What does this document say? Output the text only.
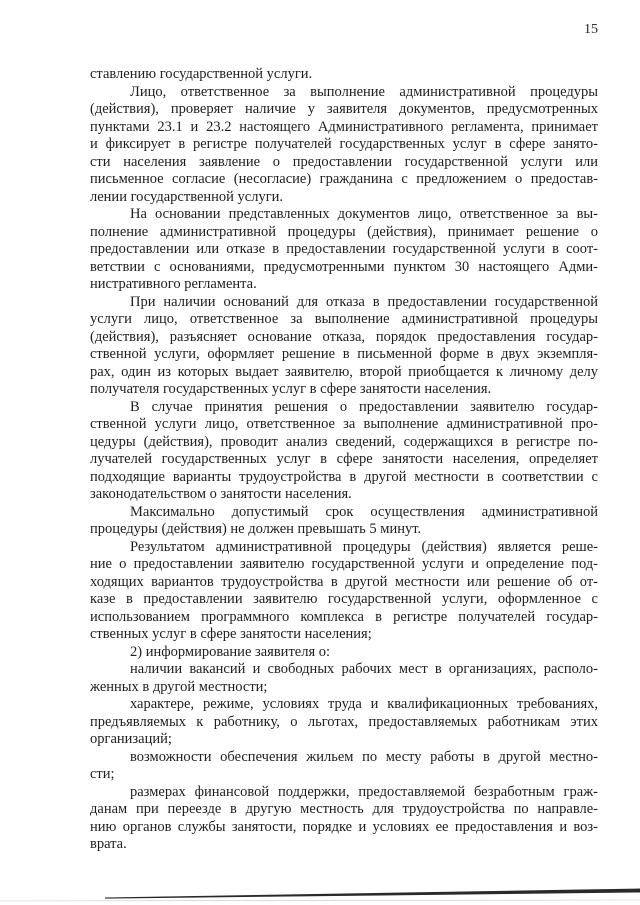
15
ставлению государственной услуги.
Лицо, ответственное за выполнение административной процедуры
(действия), проверяет наличие у заявителя документов, предусмотренных
пунктами 23.1 и 23.2 настоящего Административного регламента, принимает
и фиксирует в регистре получателей государственных услуг в сфере занято-
сти населения заявление о предоставлении государственной услуги или
письменное согласие (несогласие) гражданина с предложением о предостав-
лении государственной услуги.
На основании представленных документов лицо, ответственное за вы-
полнение административной процедуры (действия), принимает решение о
предоставлении или отказе в предоставлении государственной услуги в соот-
ветствии с основаниями, предусмотренными пунктом 30 настоящего Адми-
нистративного регламента.
При наличии оснований для отказа в предоставлении государственной
услуги лицо, ответственное за выполнение административной процедуры
(действия), разъясняет основание отказа, порядок предоставления государ-
ственной услуги, оформляет решение в письменной форме в двух экземпля-
рах, один из которых выдает заявителю, второй приобщается к личному делу
получателя государственных услуг в сфере занятости населения.
В случае принятия решения о предоставлении заявителю государ-
ственной услуги лицо, ответственное за выполнение административной про-
цедуры (действия), проводит анализ сведений, содержащихся в регистре по-
лучателей государственных услуг в сфере занятости населения, определяет
подходящие варианты трудоустройства в другой местности в соответствии с
законодательством о занятости населения.
Максимально допустимый срок осуществления административной
процедуры (действия) не должен превышать 5 минут.
Результатом административной процедуры (действия) является реше-
ние о предоставлении заявителю государственной услуги и определение под-
ходящих вариантов трудоустройства в другой местности или решение об от-
казе в предоставлении заявителю государственной услуги, оформленное с
использованием программного комплекса в регистре получателей государ-
ственных услуг в сфере занятости населения;
2) информирование заявителя о:
наличии вакансий и свободных рабочих мест в организациях, располо-
женных в другой местности;
характере, режиме, условиях труда и квалификационных требованиях,
предъявляемых к работнику, о льготах, предоставляемых работникам этих
организаций;
возможности обеспечения жильем по месту работы в другой местно-
сти;
размерах финансовой поддержки, предоставляемой безработным граж-
данам при переезде в другую местность для трудоустройства по направле-
нию органов службы занятости, порядке и условиях ее предоставления и воз-
врата.
